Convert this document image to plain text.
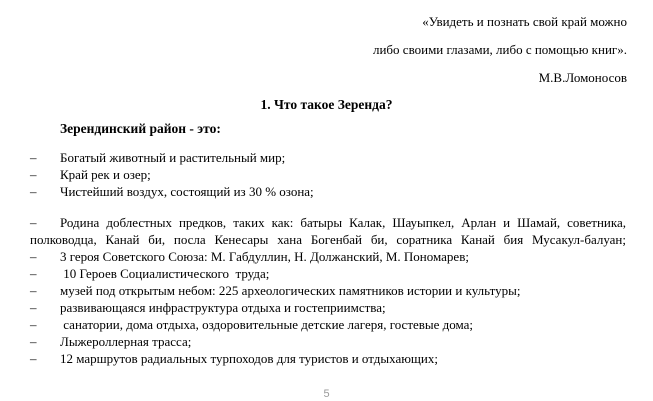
«Увидеть и познать свой край можно
либо своими глазами, либо с помощью книг».
М.В.Ломоносов
1. Что такое Зеренда?
Зерендинский район - это:
– Богатый животный и растительный мир;
– Край рек и озер;
– Чистейший воздух, состоящий из 30 % озона;
– Родина доблестных предков, таких как: батыры Калак, Шауыпкел, Арлан и Шамай, советника,
полководца, Канай би, посла Кенесары хана Богенбай би, соратника Канай бия Мусакул-балуан;
– 3 героя Советского Союза: М. Габдуллин, Н. Должанский, М. Пономарев;
– 10 Героев Социалистического  труда;
– музей под открытым небом: 225 археологических памятников истории и культуры;
– развивающаяся инфраструктура отдыха и гостеприимства;
– санатории, дома отдыха, оздоровительные детские лагеря, гостевые дома;
– Лыжероллерная трасса;
– 12 маршрутов радиальных турпоходов для туристов и отдыхающих;
5
